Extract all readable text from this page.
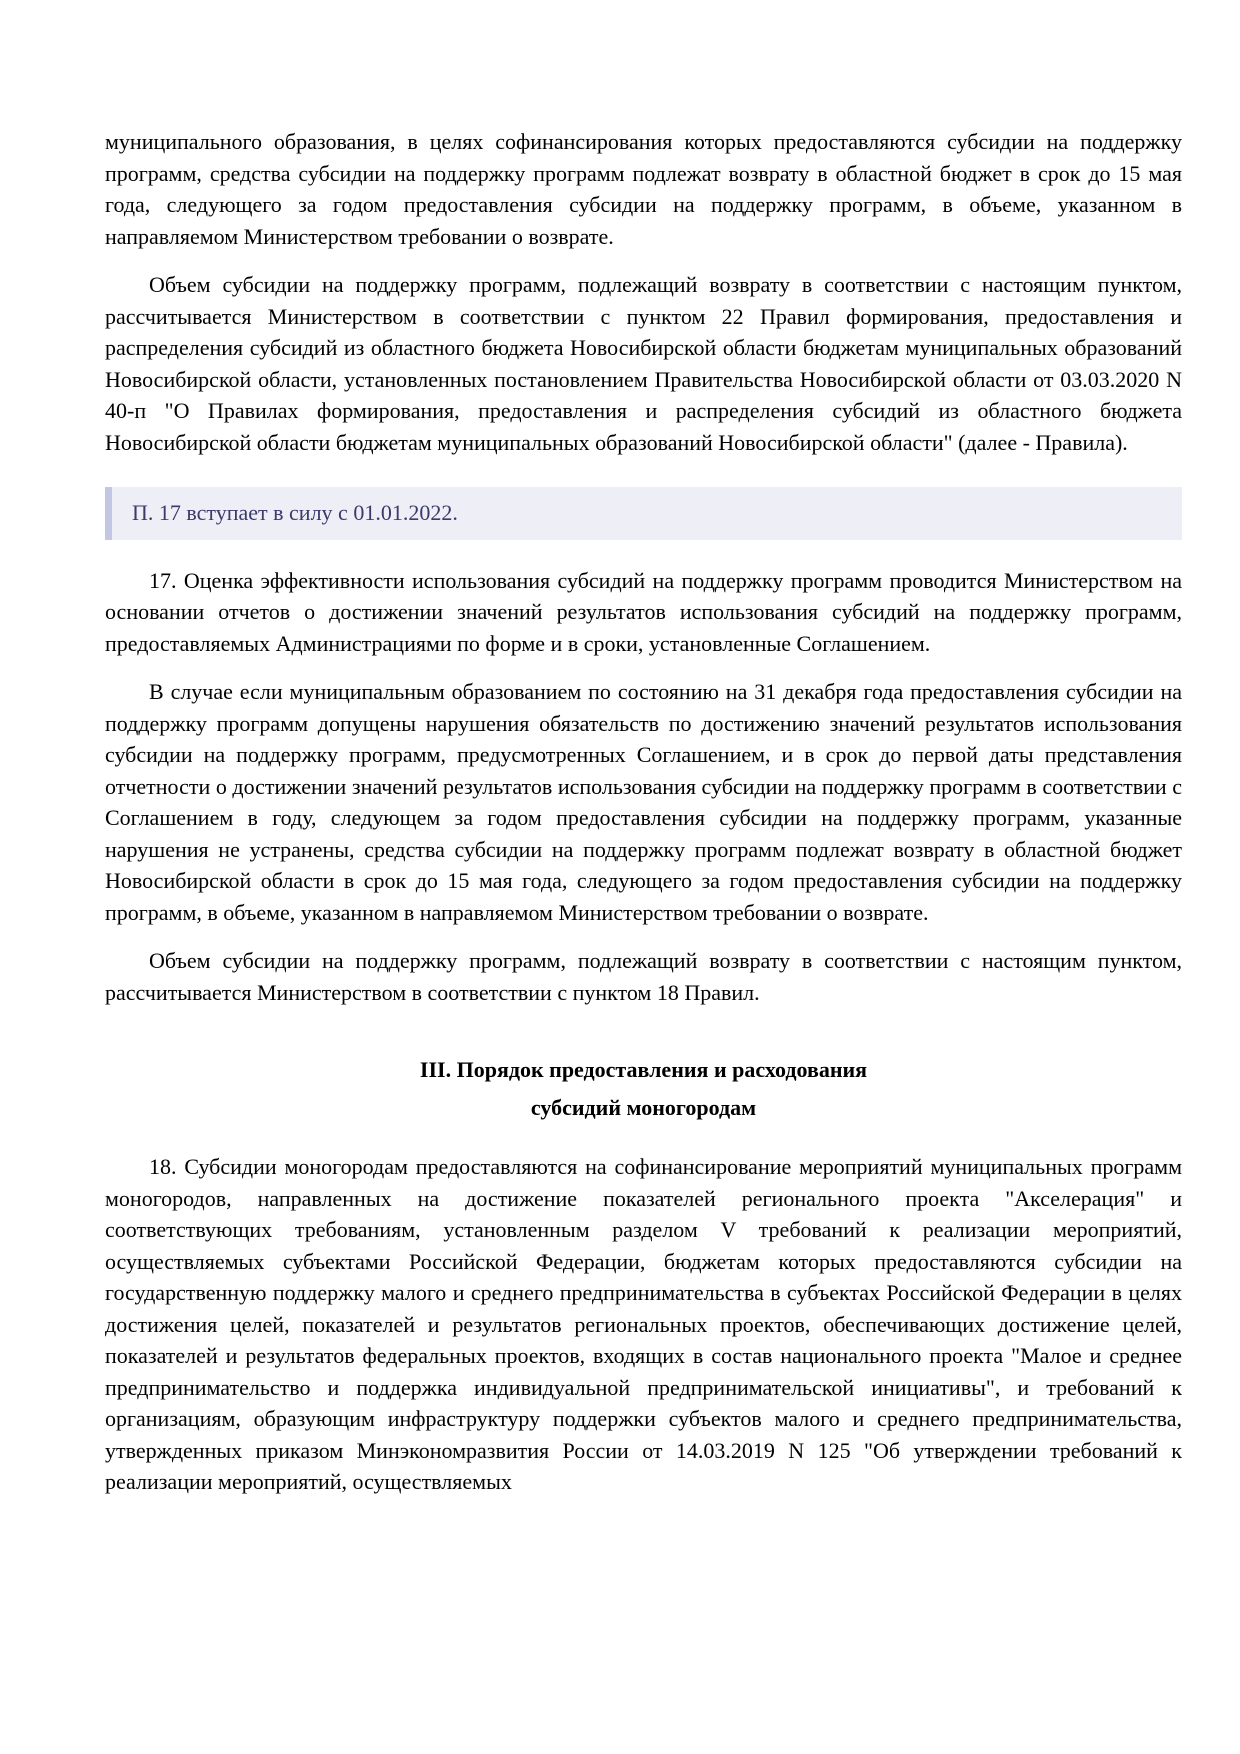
муниципального образования, в целях софинансирования которых предоставляются субсидии на поддержку программ, средства субсидии на поддержку программ подлежат возврату в областной бюджет в срок до 15 мая года, следующего за годом предоставления субсидии на поддержку программ, в объеме, указанном в направляемом Министерством требовании о возврате.

Объем субсидии на поддержку программ, подлежащий возврату в соответствии с настоящим пунктом, рассчитывается Министерством в соответствии с пунктом 22 Правил формирования, предоставления и распределения субсидий из областного бюджета Новосибирской области бюджетам муниципальных образований Новосибирской области, установленных постановлением Правительства Новосибирской области от 03.03.2020 N 40-п "О Правилах формирования, предоставления и распределения субсидий из областного бюджета Новосибирской области бюджетам муниципальных образований Новосибирской области" (далее - Правила).

П. 17 вступает в силу с 01.01.2022.

17. Оценка эффективности использования субсидий на поддержку программ проводится Министерством на основании отчетов о достижении значений результатов использования субсидий на поддержку программ, предоставляемых Администрациями по форме и в сроки, установленные Соглашением.

В случае если муниципальным образованием по состоянию на 31 декабря года предоставления субсидии на поддержку программ допущены нарушения обязательств по достижению значений результатов использования субсидии на поддержку программ, предусмотренных Соглашением, и в срок до первой даты представления отчетности о достижении значений результатов использования субсидии на поддержку программ в соответствии с Соглашением в году, следующем за годом предоставления субсидии на поддержку программ, указанные нарушения не устранены, средства субсидии на поддержку программ подлежат возврату в областной бюджет Новосибирской области в срок до 15 мая года, следующего за годом предоставления субсидии на поддержку программ, в объеме, указанном в направляемом Министерством требовании о возврате.

Объем субсидии на поддержку программ, подлежащий возврату в соответствии с настоящим пунктом, рассчитывается Министерством в соответствии с пунктом 18 Правил.

III. Порядок предоставления и расходования
субсидий моногородам

18. Субсидии моногородам предоставляются на софинансирование мероприятий муниципальных программ моногородов, направленных на достижение показателей регионального проекта "Акселерация" и соответствующих требованиям, установленным разделом V требований к реализации мероприятий, осуществляемых субъектами Российской Федерации, бюджетам которых предоставляются субсидии на государственную поддержку малого и среднего предпринимательства в субъектах Российской Федерации в целях достижения целей, показателей и результатов региональных проектов, обеспечивающих достижение целей, показателей и результатов федеральных проектов, входящих в состав национального проекта "Малое и среднее предпринимательство и поддержка индивидуальной предпринимательской инициативы", и требований к организациям, образующим инфраструктуру поддержки субъектов малого и среднего предпринимательства, утвержденных приказом Минэкономразвития России от 14.03.2019 N 125 "Об утверждении требований к реализации мероприятий, осуществляемых
